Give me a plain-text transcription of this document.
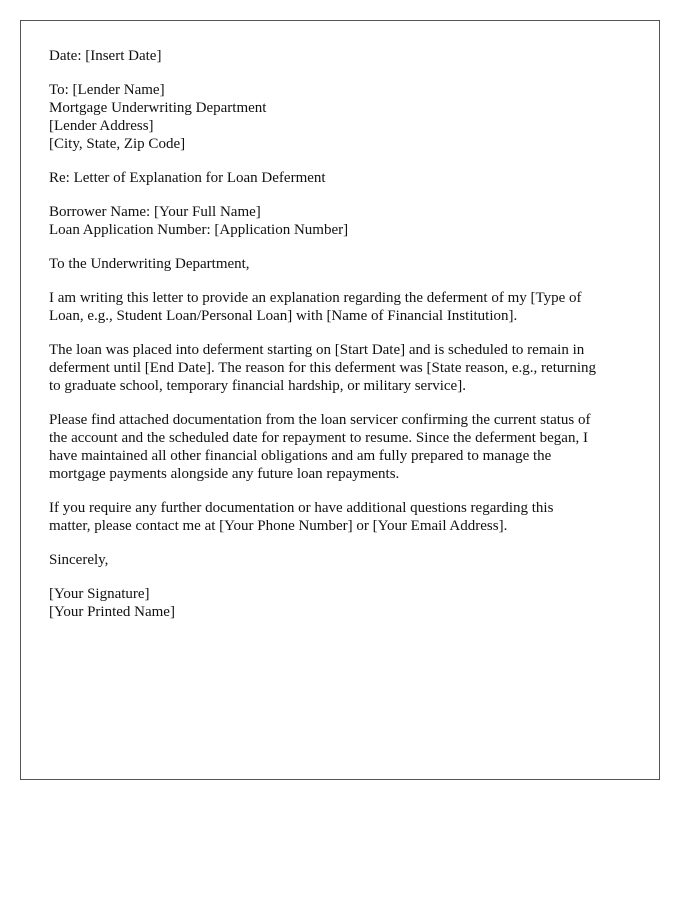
Date: [Insert Date]
To: [Lender Name]
Mortgage Underwriting Department
[Lender Address]
[City, State, Zip Code]
Re: Letter of Explanation for Loan Deferment
Borrower Name: [Your Full Name]
Loan Application Number: [Application Number]
To the Underwriting Department,

I am writing this letter to provide an explanation regarding the deferment of my [Type of
Loan, e.g., Student Loan/Personal Loan] with [Name of Financial Institution].

The loan was placed into deferment starting on [Start Date] and is scheduled to remain in
deferment until [End Date]. The reason for this deferment was [State reason, e.g., returning
to graduate school, temporary financial hardship, or military service].

Please find attached documentation from the loan servicer confirming the current status of
the account and the scheduled date for repayment to resume. Since the deferment began, I
have maintained all other financial obligations and am fully prepared to manage the
mortgage payments alongside any future loan repayments.

If you require any further documentation or have additional questions regarding this
matter, please contact me at [Your Phone Number] or [Your Email Address].

Sincerely,
[Your Signature]
[Your Printed Name]
